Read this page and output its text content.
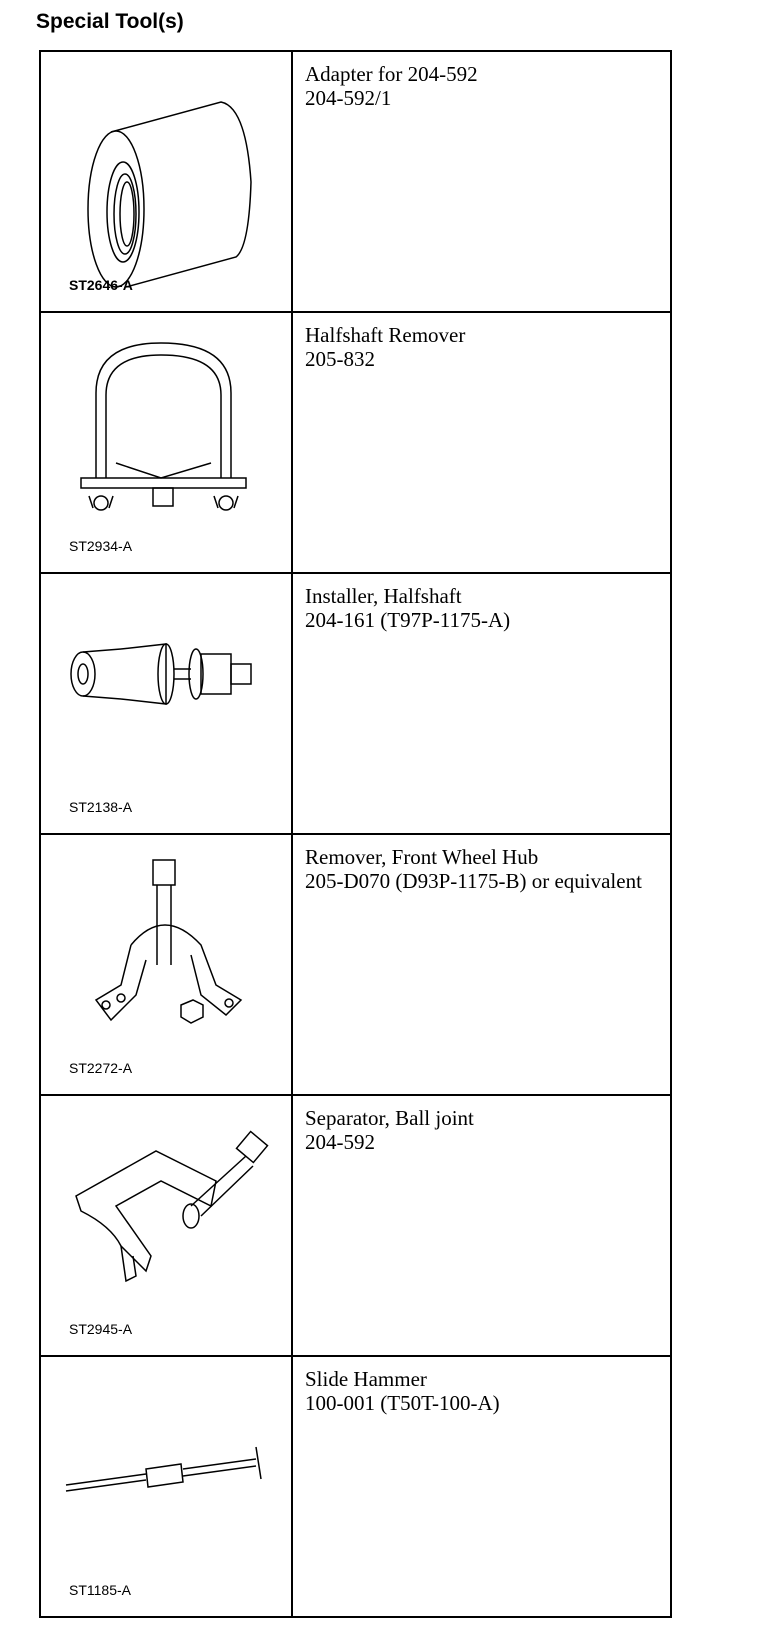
Special Tool(s)
ST2646-A	Adapter for 204-592
204-592/1

ST2934-A	Halfshaft Remover
205-832

ST2138-A	Installer, Halfshaft
204-161 (T97P-1175-A)

ST2272-A	Remover, Front Wheel Hub
205-D070 (D93P-1175-B) or equivalent

ST2945-A	Separator, Ball joint
204-592

ST1185-A	Slide Hammer
100-001 (T50T-100-A)
